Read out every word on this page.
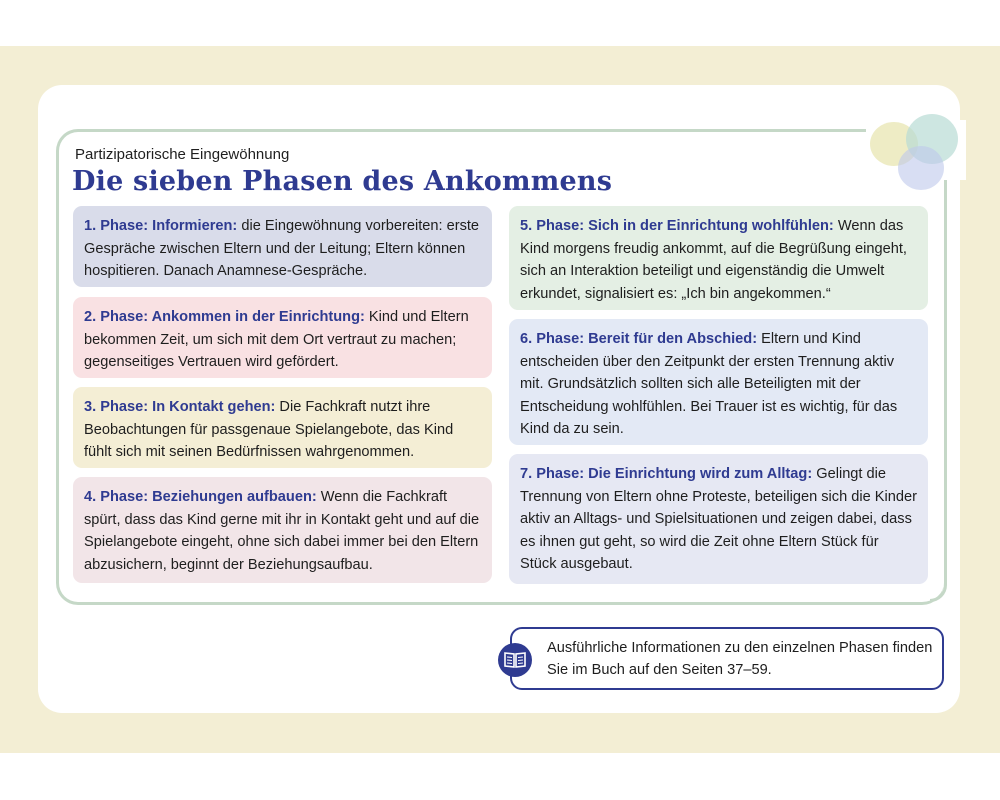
Partizipatorische Eingewöhnung
Die sieben Phasen des Ankommens
1. Phase: Informieren: die Eingewöhnung vorbereiten: erste Gespräche zwischen Eltern und der Leitung; Eltern können hospitieren. Danach Anamnese-Gespräche.
2. Phase: Ankommen in der Einrichtung: Kind und Eltern bekommen Zeit, um sich mit dem Ort vertraut zu machen; gegenseitiges Vertrauen wird gefördert.
3. Phase: In Kontakt gehen: Die Fachkraft nutzt ihre Beobachtungen für passgenaue Spielangebote, das Kind fühlt sich mit seinen Bedürfnissen wahrgenommen.
4. Phase: Beziehungen aufbauen: Wenn die Fachkraft spürt, dass das Kind gerne mit ihr in Kontakt geht und auf die Spielangebote eingeht, ohne sich dabei immer bei den Eltern abzusichern, beginnt der Beziehungsaufbau.
5. Phase: Sich in der Einrichtung wohlfühlen: Wenn das Kind morgens freudig ankommt, auf die Begrüßung eingeht, sich an Interaktion beteiligt und eigenständig die Umwelt erkundet, signalisiert es: „Ich bin angekommen.“
6. Phase: Bereit für den Abschied: Eltern und Kind entscheiden über den Zeitpunkt der ersten Trennung aktiv mit. Grundsätzlich sollten sich alle Beteiligten mit der Entscheidung wohlfühlen. Bei Trauer ist es wichtig, für das Kind da zu sein.
7. Phase: Die Einrichtung wird zum Alltag: Gelingt die Trennung von Eltern ohne Proteste, beteiligen sich die Kinder aktiv an Alltags- und Spielsituationen und zeigen dabei, dass es ihnen gut geht, so wird die Zeit ohne Eltern Stück für Stück ausgebaut.
Ausführliche Informationen zu den einzelnen Phasen finden Sie im Buch auf den Seiten 37–59.
